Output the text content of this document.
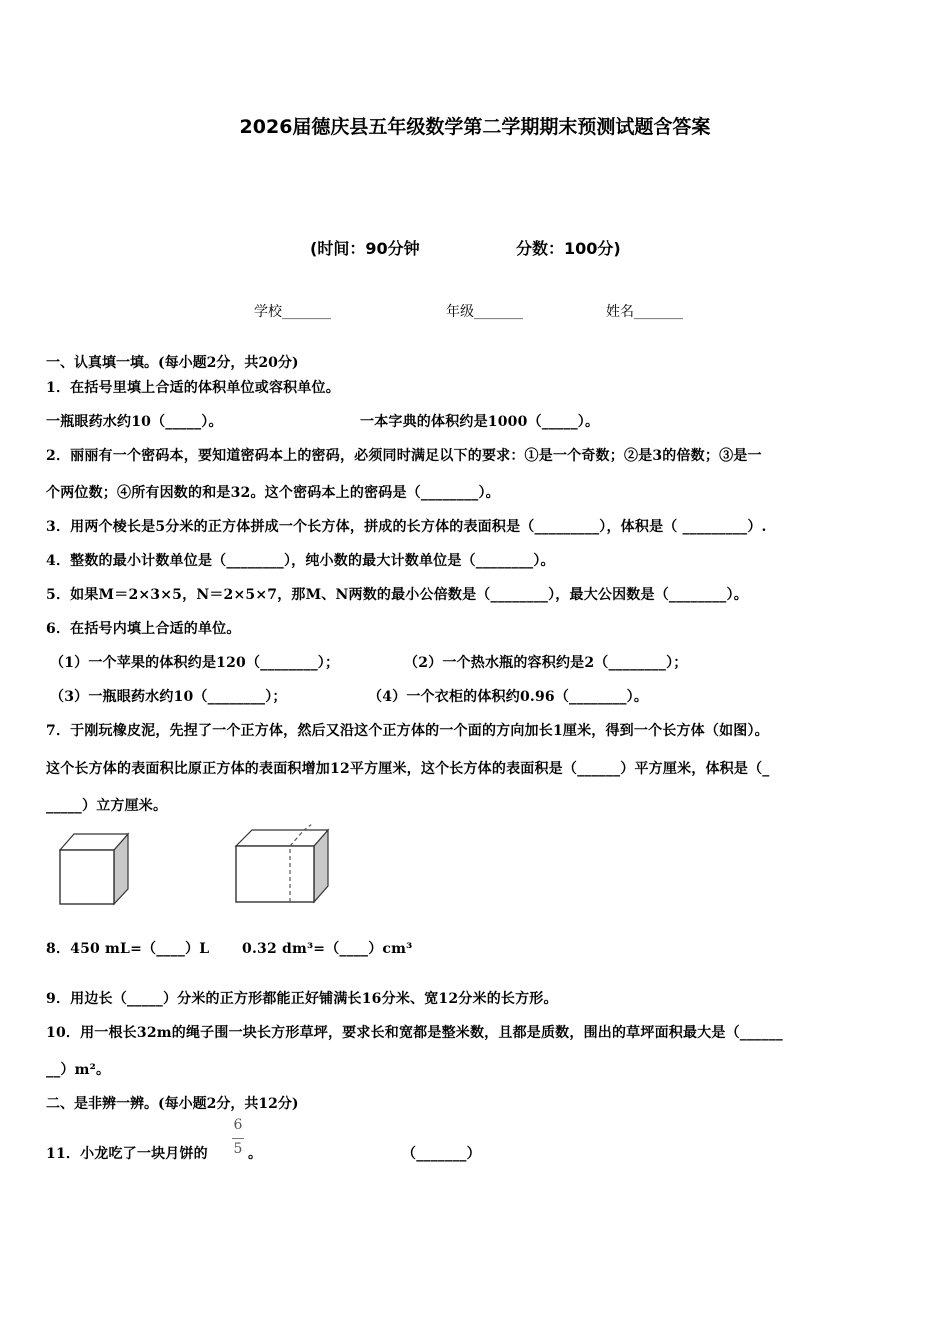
2026届德庆县五年级数学第二学期期末预测试题含答案
(时间：90分钟	分数：100分)
学校_______	年级_______	姓名_______
一、认真填一填。(每小题2分，共20分)
1．在括号里填上合适的体积单位或容积单位。
一瓶眼药水约10（_____）。	一本字典的体积约是1000（_____）。
2．丽丽有一个密码本，要知道密码本上的密码，必须同时满足以下的要求：①是一个奇数；②是3的倍数；③是一
个两位数；④所有因数的和是32。这个密码本上的密码是（________）。
3．用两个棱长是5分米的正方体拼成一个长方体，拼成的长方体的表面积是（_________），体积是（ _________）.
4．整数的最小计数单位是（________），纯小数的最大计数单位是（________）。
5．如果M＝2×3×5，N＝2×5×7，那M、N两数的最小公倍数是（________），最大公因数是（________）。
6．在括号内填上合适的单位。
（1）一个苹果的体积约是120（________）；	（2）一个热水瓶的容积约是2（________）；
（3）一瓶眼药水约10（________）；	（4）一个衣柜的体积约0.96（________）。
7．于刚玩橡皮泥，先捏了一个正方体，然后又沿这个正方体的一个面的方向加长1厘米，得到一个长方体（如图）。
这个长方体的表面积比原正方体的表面积增加12平方厘米，这个长方体的表面积是（______）平方厘米，体积是（_
_____）立方厘米。
8．450 mL=（____）L 0.32 dm³=（____）cm³
9．用边长（_____）分米的正方形都能正好铺满长16分米、宽12分米的长方形。
10．用一根长32m的绳子围一块长方形草坪，要求长和宽都是整米数，且都是质数，围出的草坪面积最大是（______
__）m²。
二、是非辨一辨。(每小题2分，共12分)
11．小龙吃了一块月饼的
6
5 。	（_______）
